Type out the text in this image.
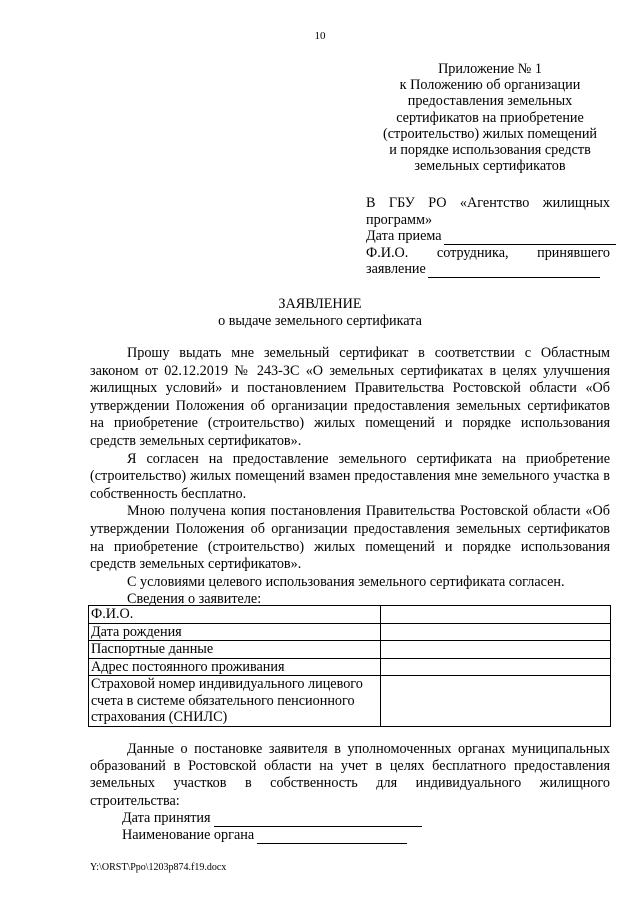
10
Приложение № 1
к Положению об организации
предоставления земельных
сертификатов на приобретение
(строительство) жилых помещений
и порядке использования средств
земельных сертификатов
В ГБУ РО «Агентство жилищных
программ»
Дата приема
Ф.И.О. сотрудника, принявшего
заявление
ЗАЯВЛЕНИЕ
о выдаче земельного сертификата

Прошу выдать мне земельный сертификат в соответствии с Областным законом от 02.12.2019 № 243-ЗС «О земельных сертификатах в целях улучшения жилищных условий» и постановлением Правительства Ростовской области «Об утверждении Положения об организации предоставления земельных сертификатов на приобретение (строительство) жилых помещений и порядке использования средств земельных сертификатов».

Я согласен на предоставление земельного сертификата на приобретение (строительство) жилых помещений взамен предоставления мне земельного участка в собственность бесплатно.

Мною получена копия постановления Правительства Ростовской области «Об утверждении Положения об организации предоставления земельных сертификатов на приобретение (строительство) жилых помещений и порядке использования средств земельных сертификатов».

С условиями целевого использования земельного сертификата согласен.

Сведения о заявителе:

Ф.И.О.	
Дата рождения	
Паспортные данные	
Адрес постоянного проживания	
Страховой номер индивидуального лицевого счета в системе обязательного пенсионного страхования (СНИЛС)	

Данные о постановке заявителя в уполномоченных органах муниципальных образований в Ростовской области на учет в целях бесплатного предоставления земельных участков в собственность для индивидуального жилищного строительства:

Дата принятия
Наименование органа
Y:\ORST\Ppo\1203p874.f19.docx
